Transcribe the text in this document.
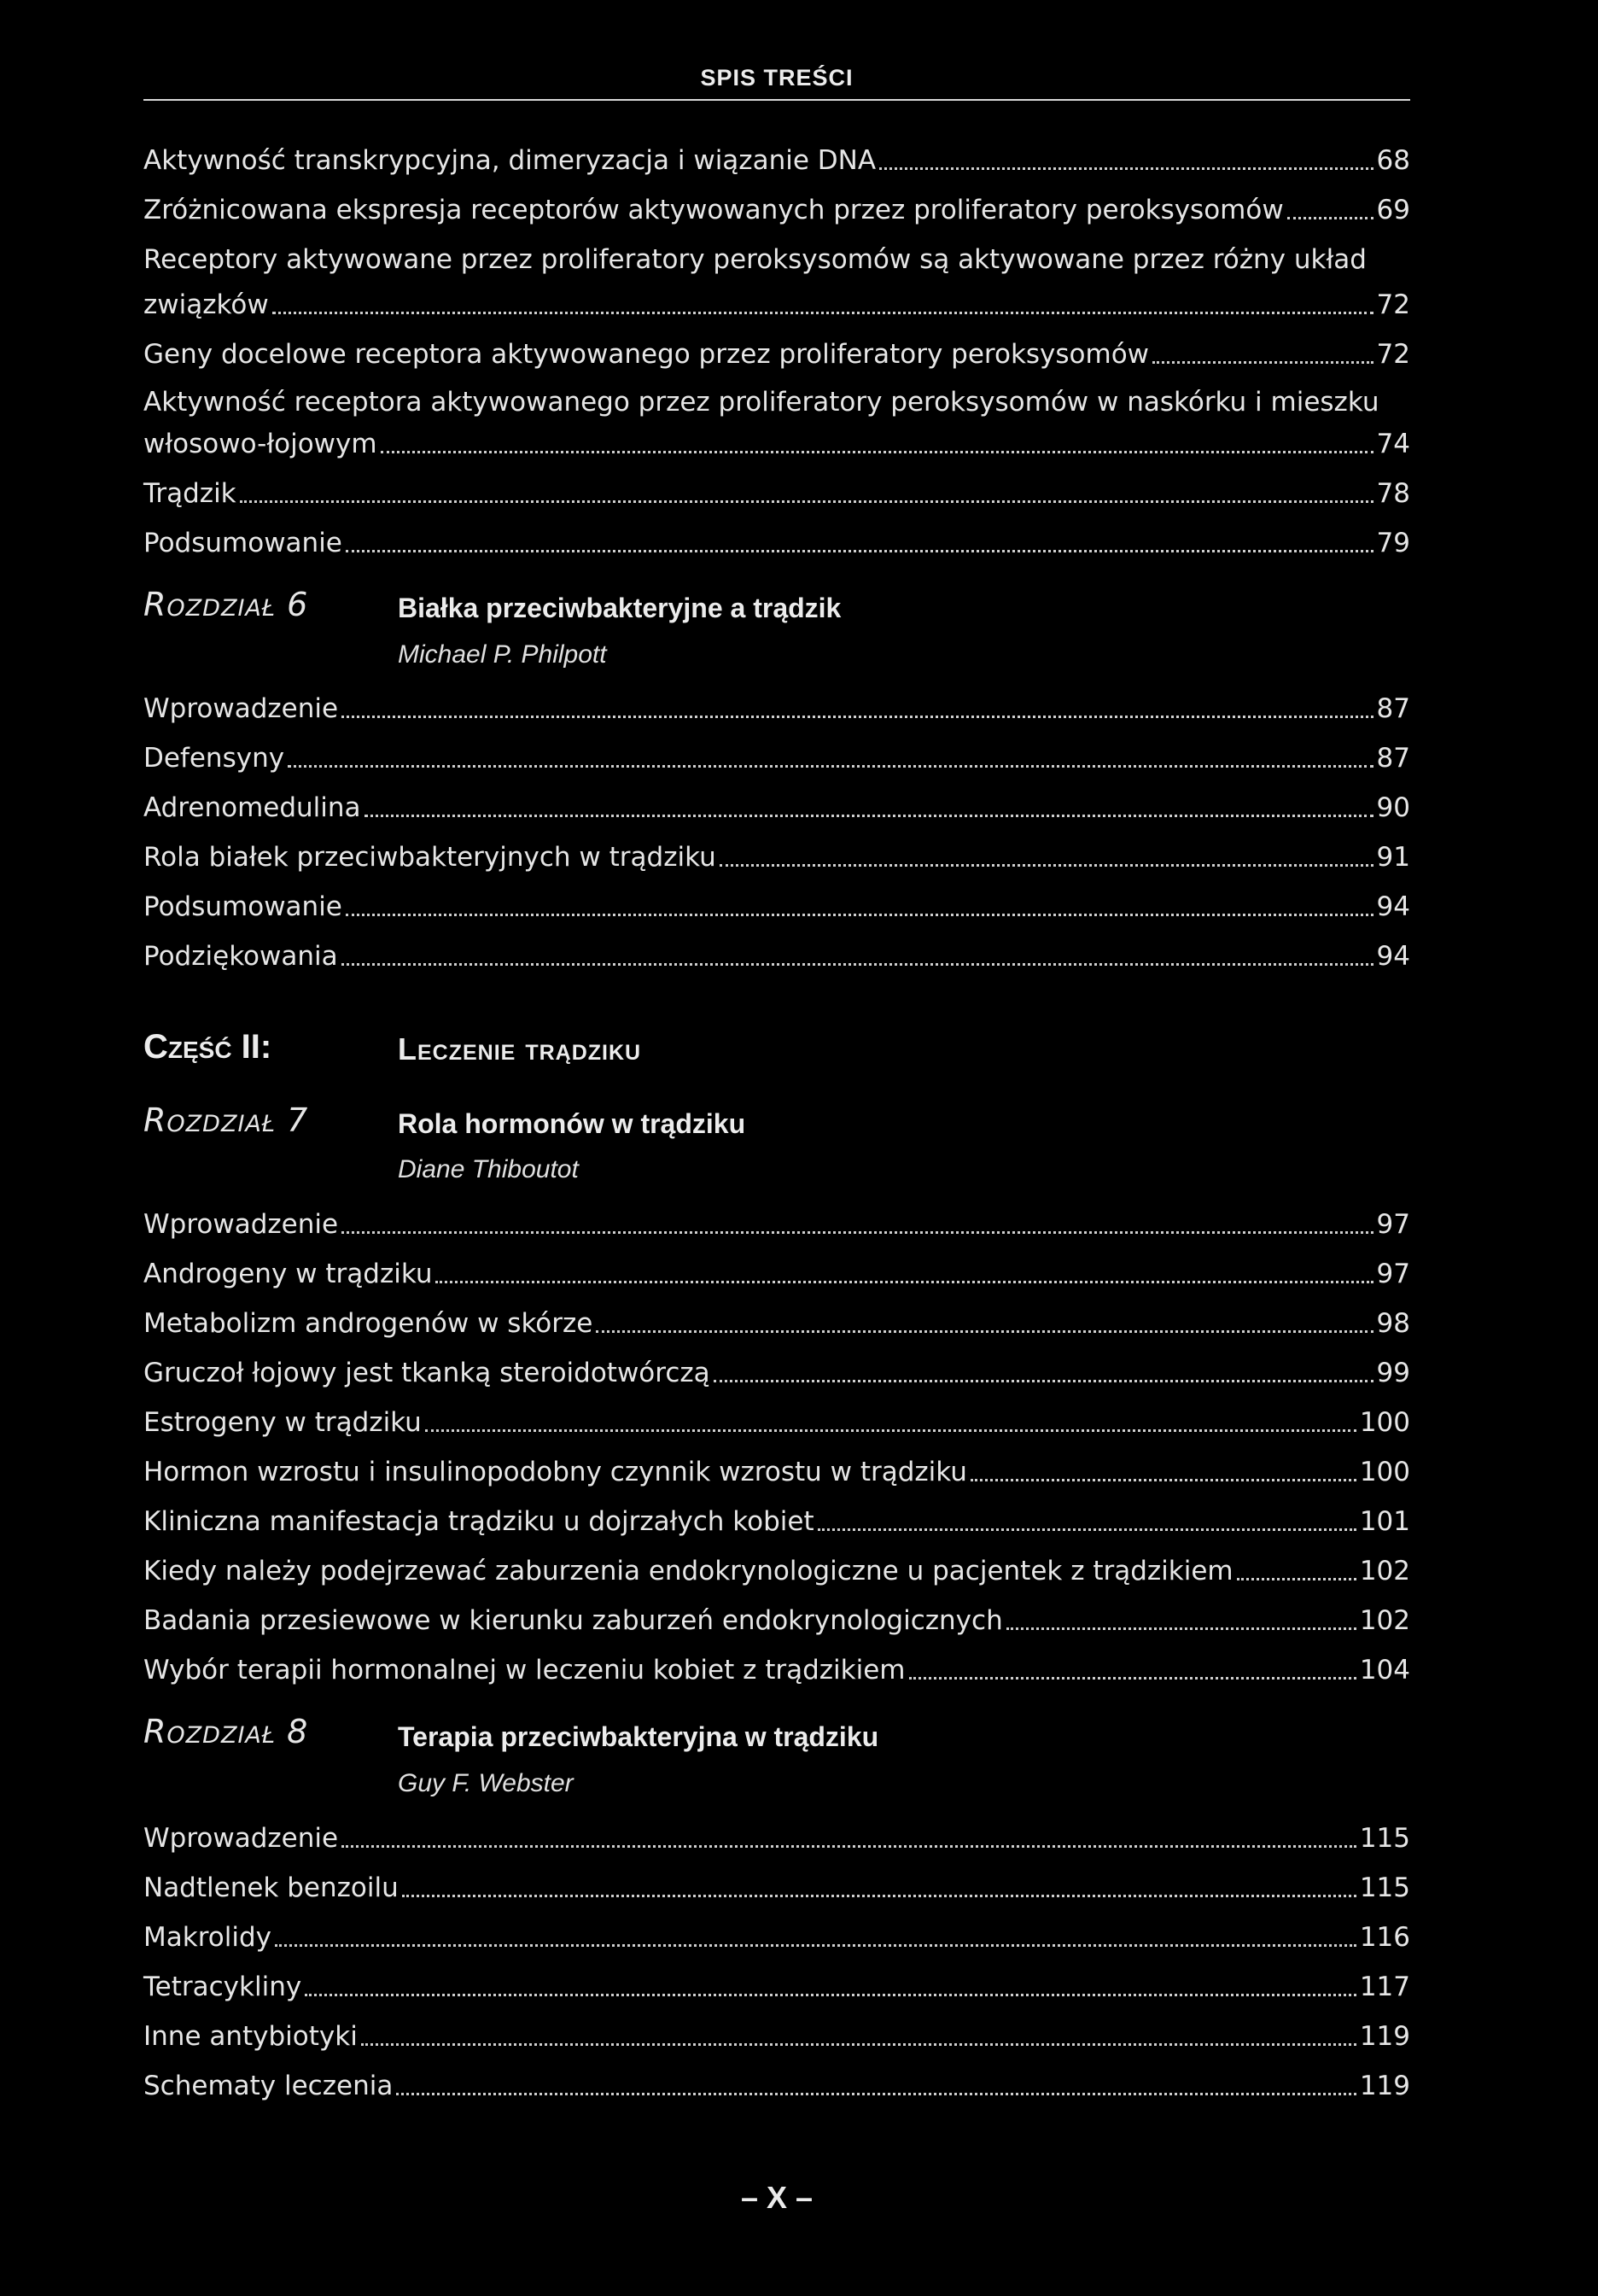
SPIS TREŚCI
Aktywność transkrypcyjna, dimeryzacja i wiązanie DNA	68
Zróżnicowana ekspresja receptorów aktywowanych przez proliferatory peroksysomów	69
Receptory aktywowane przez proliferatory peroksysomów są aktywowane przez różny układ
związków	72
Geny docelowe receptora aktywowanego przez proliferatory peroksysomów	72
Aktywność receptora aktywowanego przez proliferatory peroksysomów w naskórku i mieszku
włosowo-łojowym	74
Trądzik	78
Podsumowanie	79
Rozdział 6	Białka przeciwbakteryjne a trądzik
Michael P. Philpott
Wprowadzenie	87
Defensyny	87
Adrenomedulina	90
Rola białek przeciwbakteryjnych w trądziku	91
Podsumowanie	94
Podziękowania	94
Część II:	Leczenie trądziku
Rozdział 7	Rola hormonów w trądziku
Diane Thiboutot
Wprowadzenie	97
Androgeny w trądziku	97
Metabolizm androgenów w skórze	98
Gruczoł łojowy jest tkanką steroidotwórczą	99
Estrogeny w trądziku	100
Hormon wzrostu i insulinopodobny czynnik wzrostu w trądziku	100
Kliniczna manifestacja trądziku u dojrzałych kobiet	101
Kiedy należy podejrzewać zaburzenia endokrynologiczne u pacjentek z trądzikiem	102
Badania przesiewowe w kierunku zaburzeń endokrynologicznych	102
Wybór terapii hormonalnej w leczeniu kobiet z trądzikiem	104
Rozdział 8	Terapia przeciwbakteryjna w trądziku
Guy F. Webster
Wprowadzenie	115
Nadtlenek benzoilu	115
Makrolidy	116
Tetracykliny	117
Inne antybiotyki	119
Schematy leczenia	119
– X –
